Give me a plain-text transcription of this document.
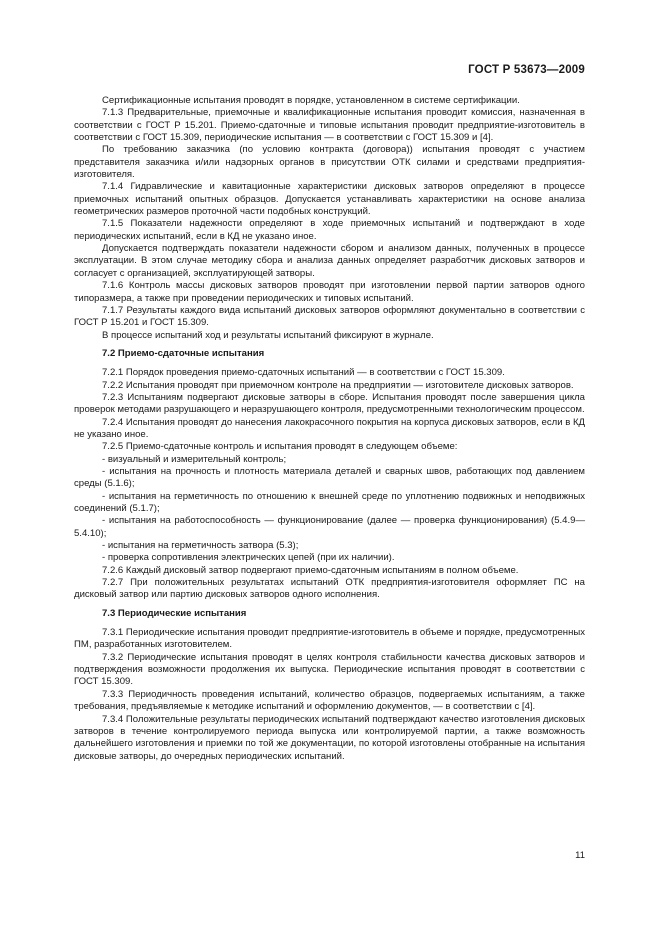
ГОСТ Р 53673—2009

Сертификационные испытания проводят в порядке, установленном в системе сертификации.

7.1.3 Предварительные, приемочные и квалификационные испытания проводит комиссия, назначенная в соответствии с ГОСТ Р 15.201. Приемо-сдаточные и типовые испытания проводит предприятие-изготовитель в соответствии с ГОСТ 15.309, периодические испытания — в соответствии с ГОСТ 15.309 и [4].

По требованию заказчика (по условию контракта (договора)) испытания проводят с участием представителя заказчика и/или надзорных органов в присутствии ОТК силами и средствами предприятия-изготовителя.

7.1.4 Гидравлические и кавитационные характеристики дисковых затворов определяют в процессе приемочных испытаний опытных образцов. Допускается устанавливать характеристики на основе анализа геометрических размеров проточной части подобных конструкций.

7.1.5 Показатели надежности определяют в ходе приемочных испытаний и подтверждают в ходе периодических испытаний, если в КД не указано иное.

Допускается подтверждать показатели надежности сбором и анализом данных, полученных в процессе эксплуатации. В этом случае методику сбора и анализа данных определяет разработчик дисковых затворов и согласует с организацией, эксплуатирующей затворы.

7.1.6 Контроль массы дисковых затворов проводят при изготовлении первой партии затворов одного типоразмера, а также при проведении периодических и типовых испытаний.

7.1.7 Результаты каждого вида испытаний дисковых затворов оформляют документально в соответствии с ГОСТ Р 15.201 и ГОСТ 15.309.

В процессе испытаний ход и результаты испытаний фиксируют в журнале.

7.2 Приемо-сдаточные испытания

7.2.1 Порядок проведения приемо-сдаточных испытаний — в соответствии с ГОСТ 15.309.

7.2.2 Испытания проводят при приемочном контроле на предприятии — изготовителе дисковых затворов.

7.2.3 Испытаниям подвергают дисковые затворы в сборе. Испытания проводят после завершения цикла проверок методами разрушающего и неразрушающего контроля, предусмотренными технологическим процессом.

7.2.4 Испытания проводят до нанесения лакокрасочного покрытия на корпуса дисковых затворов, если в КД не указано иное.

7.2.5 Приемо-сдаточные контроль и испытания проводят в следующем объеме:

- визуальный и измерительный контроль;

- испытания на прочность и плотность материала деталей и сварных швов, работающих под давлением среды (5.1.6);

- испытания на герметичность по отношению к внешней среде по уплотнению подвижных и неподвижных соединений (5.1.7);

- испытания на работоспособность — функционирование (далее — проверка функционирования) (5.4.9—5.4.10);

- испытания на герметичность затвора (5.3);

- проверка сопротивления электрических цепей (при их наличии).

7.2.6 Каждый дисковый затвор подвергают приемо-сдаточным испытаниям в полном объеме.

7.2.7 При положительных результатах испытаний ОТК предприятия-изготовителя оформляет ПС на дисковый затвор или партию дисковых затворов одного исполнения.

7.3 Периодические испытания

7.3.1 Периодические испытания проводит предприятие-изготовитель в объеме и порядке, предусмотренных ПМ, разработанных изготовителем.

7.3.2 Периодические испытания проводят в целях контроля стабильности качества дисковых затворов и подтверждения возможности продолжения их выпуска. Периодические испытания проводят в соответствии с ГОСТ 15.309.

7.3.3 Периодичность проведения испытаний, количество образцов, подвергаемых испытаниям, а также требования, предъявляемые к методике испытаний и оформлению документов, — в соответствии с [4].

7.3.4 Положительные результаты периодических испытаний подтверждают качество изготовления дисковых затворов в течение контролируемого периода выпуска или контролируемой партии, а также возможность дальнейшего изготовления и приемки по той же документации, по которой изготовлены отобранные на испытания дисковые затворы, до очередных периодических испытаний.

11
